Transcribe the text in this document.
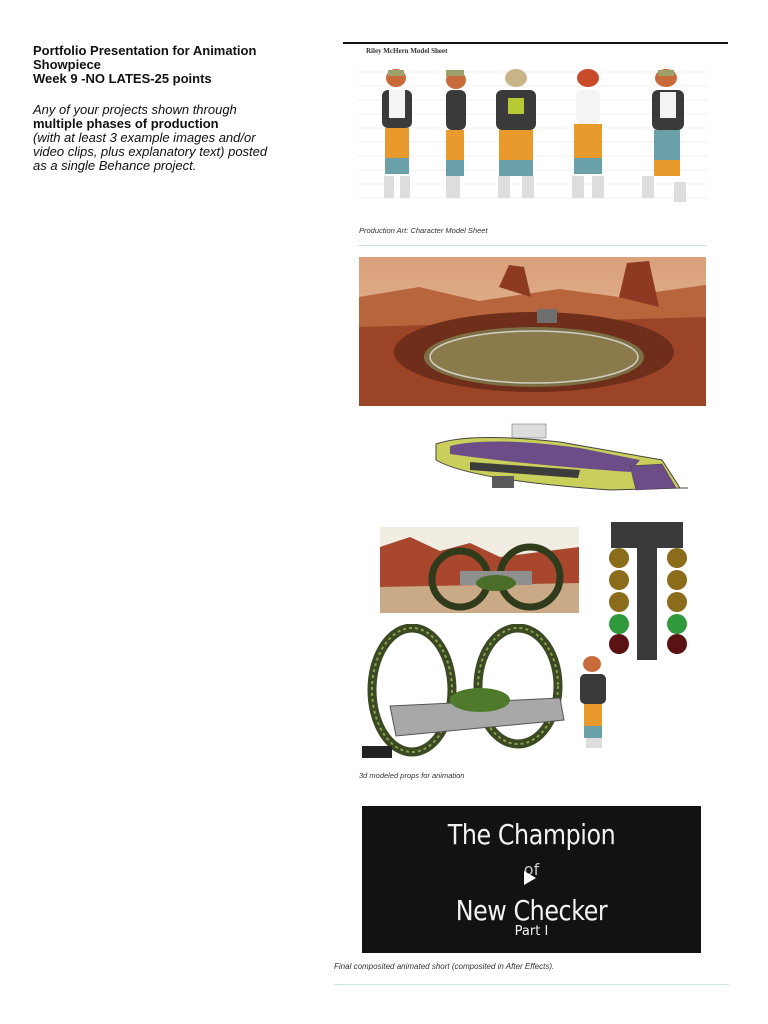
Portfolio Presentation for Animation
Showpiece
Week 9 -NO LATES-25 points
Any of your projects shown through
multiple phases of production
(with at least 3 example images and/or
video clips, plus explanatory text) posted
as a single Behance project.
Riley McHern Model Sheet
Production Art: Character Model Sheet
3d modeled props for animation
The Champion
of
New Checker
Part I
Final composited animated short (composited in After Effects).
